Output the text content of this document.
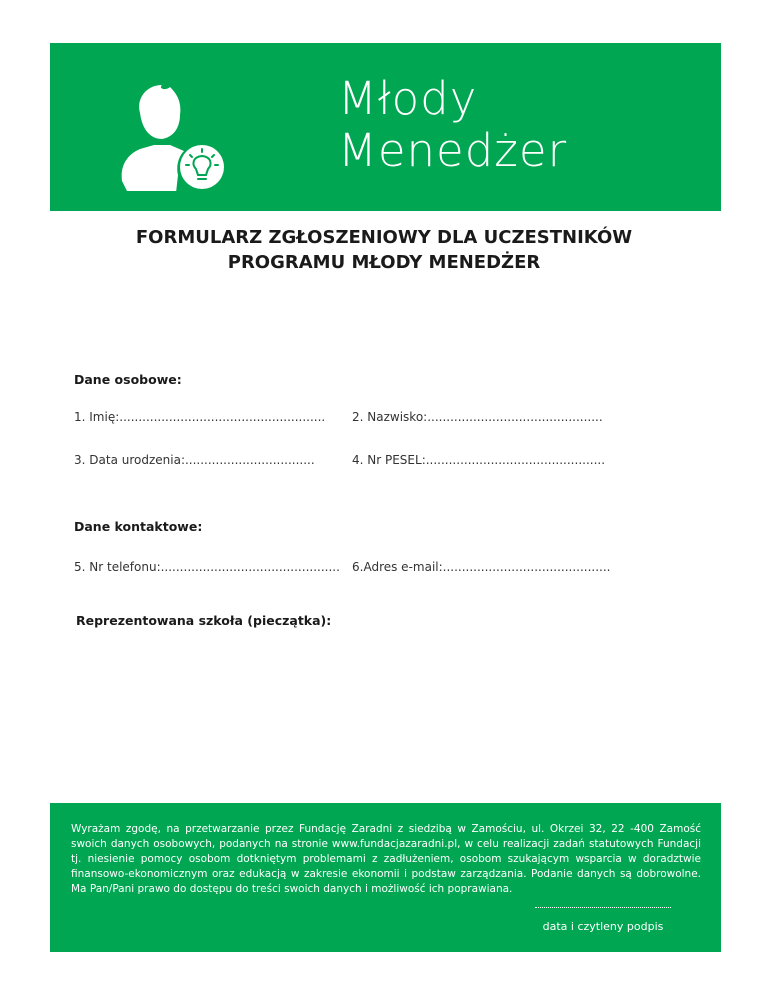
Młody
Menedżer
FORMULARZ ZGŁOSZENIOWY DLA UCZESTNIKÓW
PROGRAMU MŁODY MENEDŻER
Dane osobowe:
1. Imię:...................................................... 2. Nazwisko:..............................................
3. Data urodzenia:..................................	4. Nr PESEL:...............................................
Dane kontaktowe:
5. Nr telefonu:............................................... 6.Adres e-mail:............................................
Reprezentowana szkoła (pieczątka):
Wyrażam zgodę, na przetwarzanie przez Fundację Zaradni z siedzibą w Zamościu, ul. Okrzei 32, 22 -400 Zamość swoich danych osobowych, podanych na stronie www.fundacjazaradni.pl, w celu realizacji zadań statutowych Fundacji tj. niesienie pomocy osobom dotkniętym problemami z zadłużeniem, osobom szukającym wsparcia w doradztwie finansowo-ekonomicznym oraz edukacją w zakresie ekonomii i podstaw zarządzania. Podanie danych są dobrowolne. Ma Pan/Pani prawo do dostępu do treści swoich danych i możliwość ich poprawiana.
data i czytleny podpis
